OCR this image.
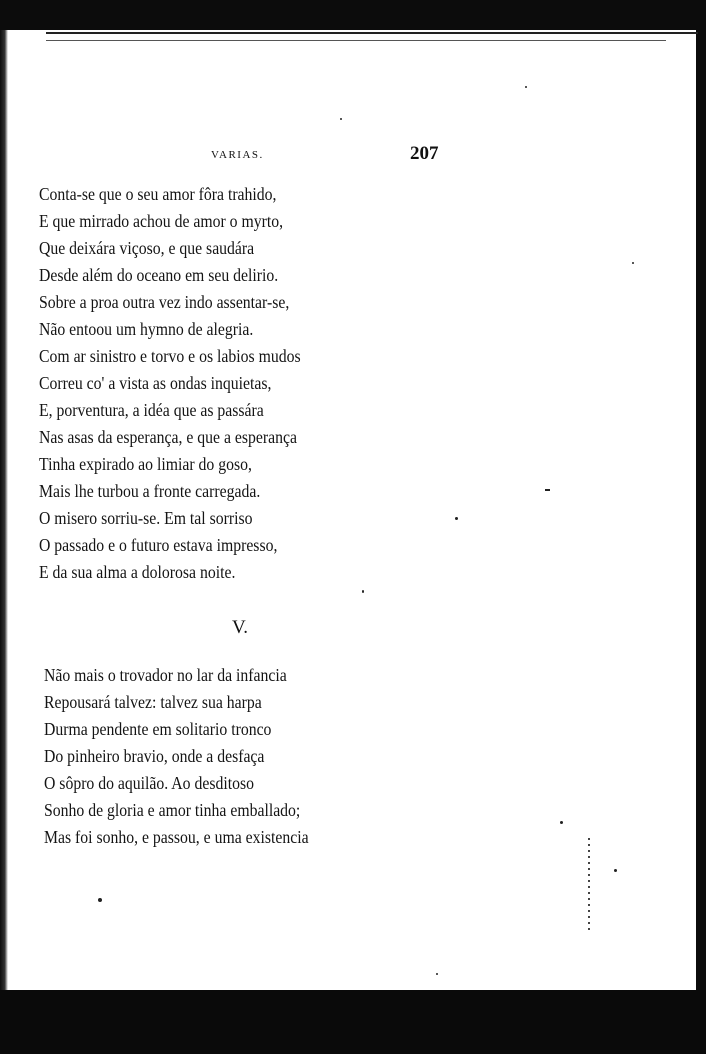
VARIAS.	207
Conta-se que o seu amor fôra trahido,
E que mirrado achou de amor o myrto,
Que deixára viçoso, e que saudára
Desde além do oceano em seu delirio.
Sobre a proa outra vez indo assentar-se,
Não entoou um hymno de alegria.
Com ar sinistro e torvo e os labios mudos
Correu co' a vista as ondas inquietas,
E, porventura, a idéa que as passára
Nas asas da esperança, e que a esperança
Tinha expirado ao limiar do goso,
Mais lhe turbou a fronte carregada.
O misero sorriu-se. Em tal sorriso
O passado e o futuro estava impresso,
E da sua alma a dolorosa noite.
V.
Não mais o trovador no lar da infancia
Repousará talvez: talvez sua harpa
Durma pendente em solitario tronco
Do pinheiro bravio, onde a desfaça
O sôpro do aquilão. Ao desditoso
Sonho de gloria e amor tinha emballado;
Mas foi sonho, e passou, e uma existencia
